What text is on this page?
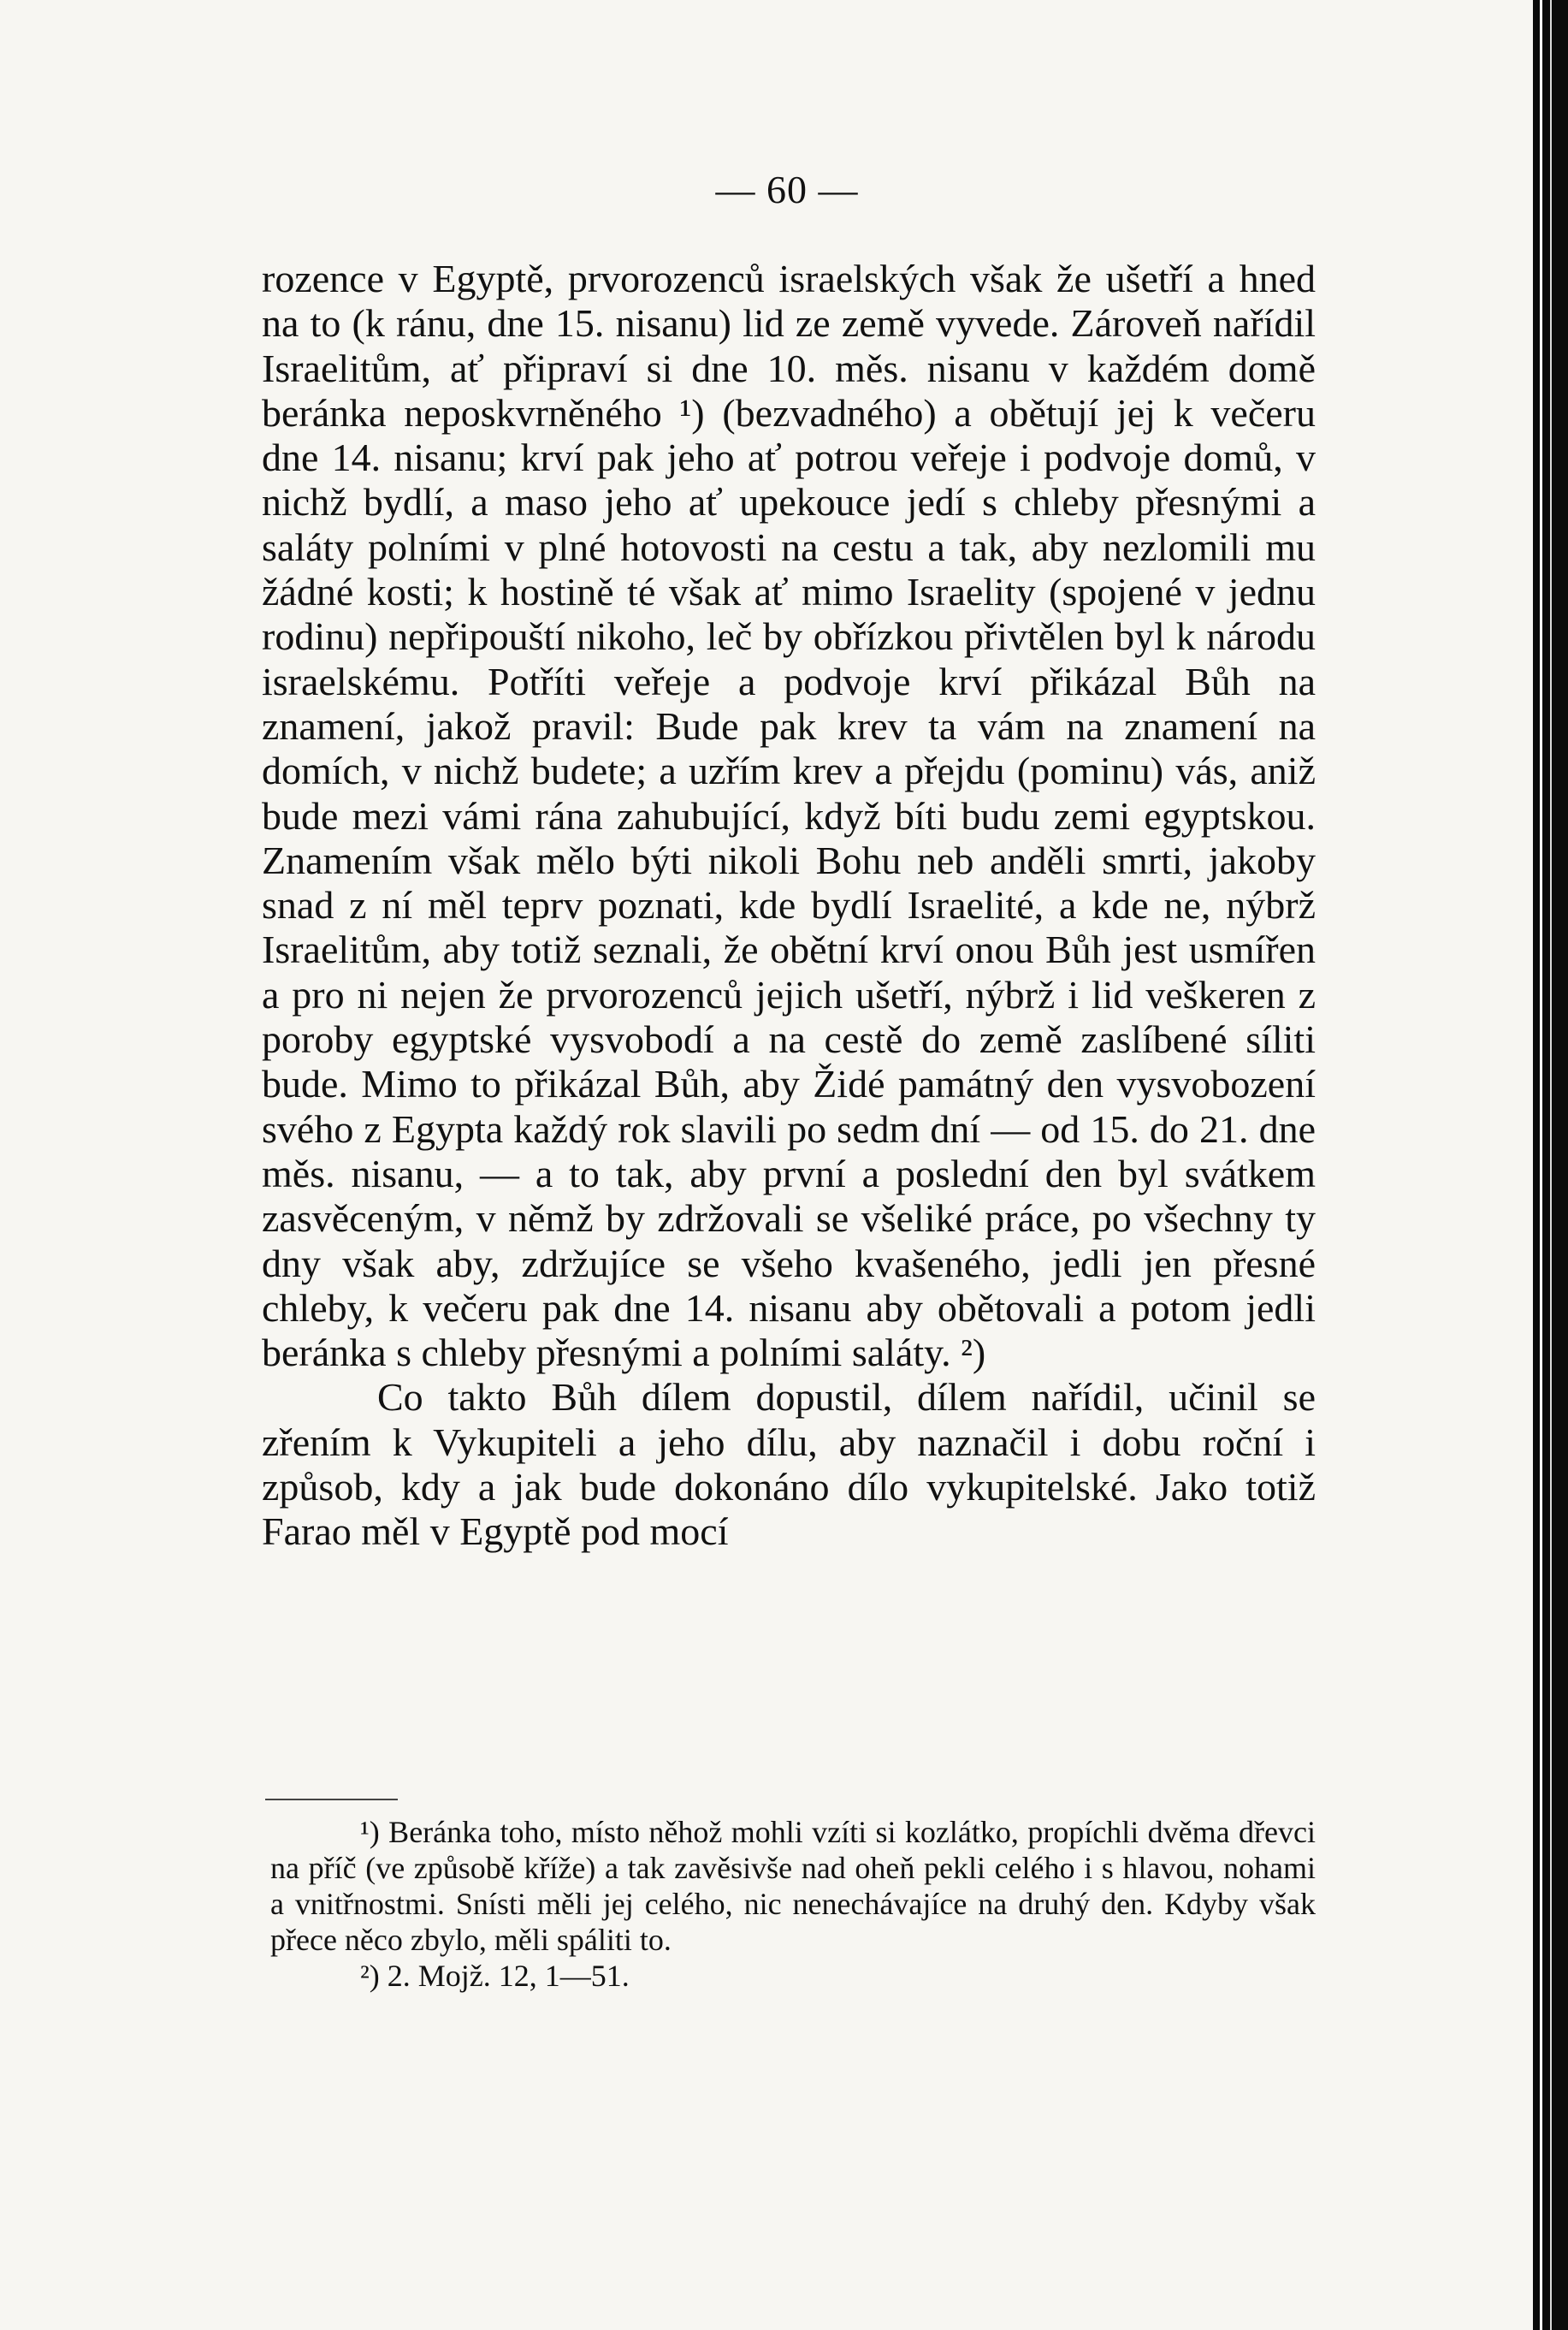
— 60 —

rozence v Egyptě, prvorozenců israelských však že ušetří a hned na to (k ránu, dne 15. nisanu) lid ze země vyvede. Zároveň nařídil Israelitům, ať připraví si dne 10. měs. nisanu v každém domě beránka neposkvrněného ¹) (bezvadného) a obětují jej k večeru dne 14. nisanu; krví pak jeho ať potrou veřeje i podvoje domů, v nichž bydlí, a maso jeho ať upekouce jedí s chleby přesnými a saláty polními v plné hotovosti na cestu a tak, aby nezlomili mu žádné kosti; k hostině té však ať mimo Israelity (spojené v jednu rodinu) nepřipouští nikoho, leč by obřízkou přivtělen byl k národu israelskému. Potříti veřeje a podvoje krví přikázal Bůh na znamení, jakož pravil: Bude pak krev ta vám na znamení na domích, v nichž budete; a uzřím krev a přejdu (pominu) vás, aniž bude mezi vámi rána zahubující, když bíti budu zemi egyptskou. Znamením však mělo býti nikoli Bohu neb anděli smrti, jakoby snad z ní měl teprv poznati, kde bydlí Israelité, a kde ne, nýbrž Israelitům, aby totiž seznali, že obětní krví onou Bůh jest usmířen a pro ni nejen že prvorozenců jejich ušetří, nýbrž i lid veškeren z poroby egyptské vysvobodí a na cestě do země zaslíbené síliti bude. Mimo to přikázal Bůh, aby Židé památný den vysvobození svého z Egypta každý rok slavili po sedm dní — od 15. do 21. dne měs. nisanu, — a to tak, aby první a poslední den byl svátkem zasvěceným, v němž by zdržovali se všeliké práce, po všechny ty dny však aby, zdržujíce se všeho kvašeného, jedli jen přesné chleby, k večeru pak dne 14. nisanu aby obětovali a potom jedli beránka s chleby přesnými a polními saláty. ²)

Co takto Bůh dílem dopustil, dílem nařídil, učinil se zřením k Vykupiteli a jeho dílu, aby naznačil i dobu roční i způsob, kdy a jak bude dokonáno dílo vykupitelské. Jako totiž Farao měl v Egyptě pod mocí

¹) Beránka toho, místo něhož mohli vzíti si kozlátko, propíchli dvěma dřevci na příč (ve způsobě kříže) a tak zavěsivše nad oheň pekli celého i s hlavou, nohami a vnitřnostmi. Snísti měli jej celého, nic nenechávajíce na druhý den. Kdyby však přece něco zbylo, měli spáliti to.

²) 2. Mojž. 12, 1—51.
